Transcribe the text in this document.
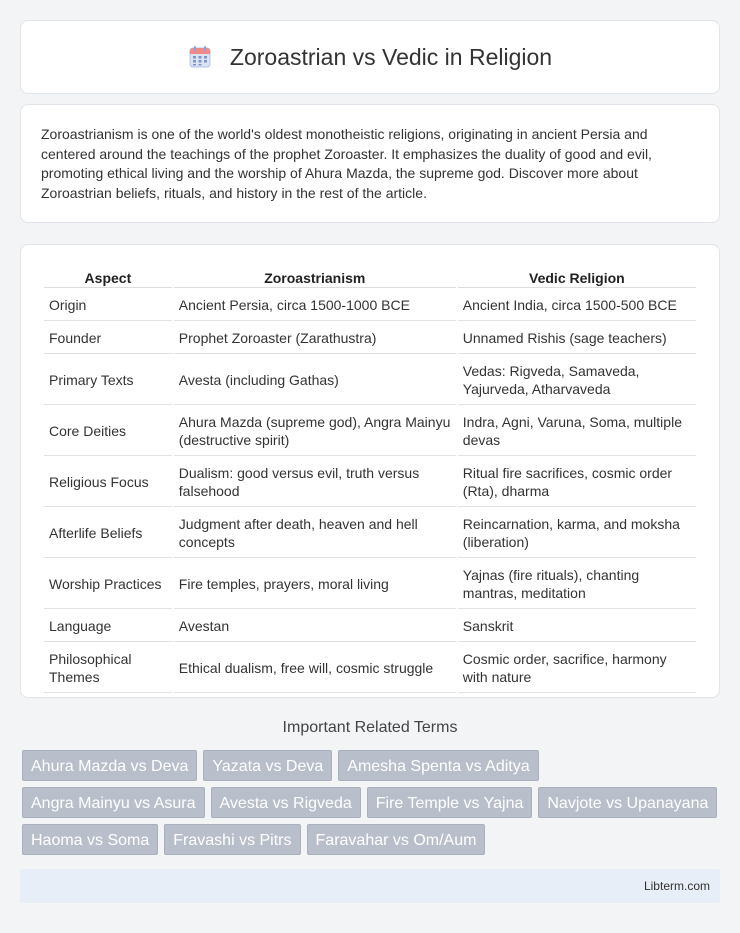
Zoroastrian vs Vedic in Religion

Zoroastrianism is one of the world's oldest monotheistic religions, originating in ancient Persia and centered around the teachings of the prophet Zoroaster. It emphasizes the duality of good and evil, promoting ethical living and the worship of Ahura Mazda, the supreme god. Discover more about Zoroastrian beliefs, rituals, and history in the rest of the article.

Aspect	Zoroastrianism	Vedic Religion
Origin	Ancient Persia, circa 1500-1000 BCE	Ancient India, circa 1500-500 BCE
Founder	Prophet Zoroaster (Zarathustra)	Unnamed Rishis (sage teachers)
Primary Texts	Avesta (including Gathas)	Vedas: Rigveda, Samaveda, Yajurveda, Atharvaveda
Core Deities	Ahura Mazda (supreme god), Angra Mainyu (destructive spirit)	Indra, Agni, Varuna, Soma, multiple devas
Religious Focus	Dualism: good versus evil, truth versus falsehood	Ritual fire sacrifices, cosmic order (Rta), dharma
Afterlife Beliefs	Judgment after death, heaven and hell concepts	Reincarnation, karma, and moksha (liberation)
Worship Practices	Fire temples, prayers, moral living	Yajnas (fire rituals), chanting mantras, meditation
Language	Avestan	Sanskrit
Philosophical Themes	Ethical dualism, free will, cosmic struggle	Cosmic order, sacrifice, harmony with nature
Important Related Terms
Ahura Mazda vs Deva	Yazata vs Deva	Amesha Spenta vs Aditya
Angra Mainyu vs Asura	Avesta vs Rigveda	Fire Temple vs Yajna	Navjote vs Upanayana
Haoma vs Soma	Fravashi vs Pitrs	Faravahar vs Om/Aum
Libterm.com
